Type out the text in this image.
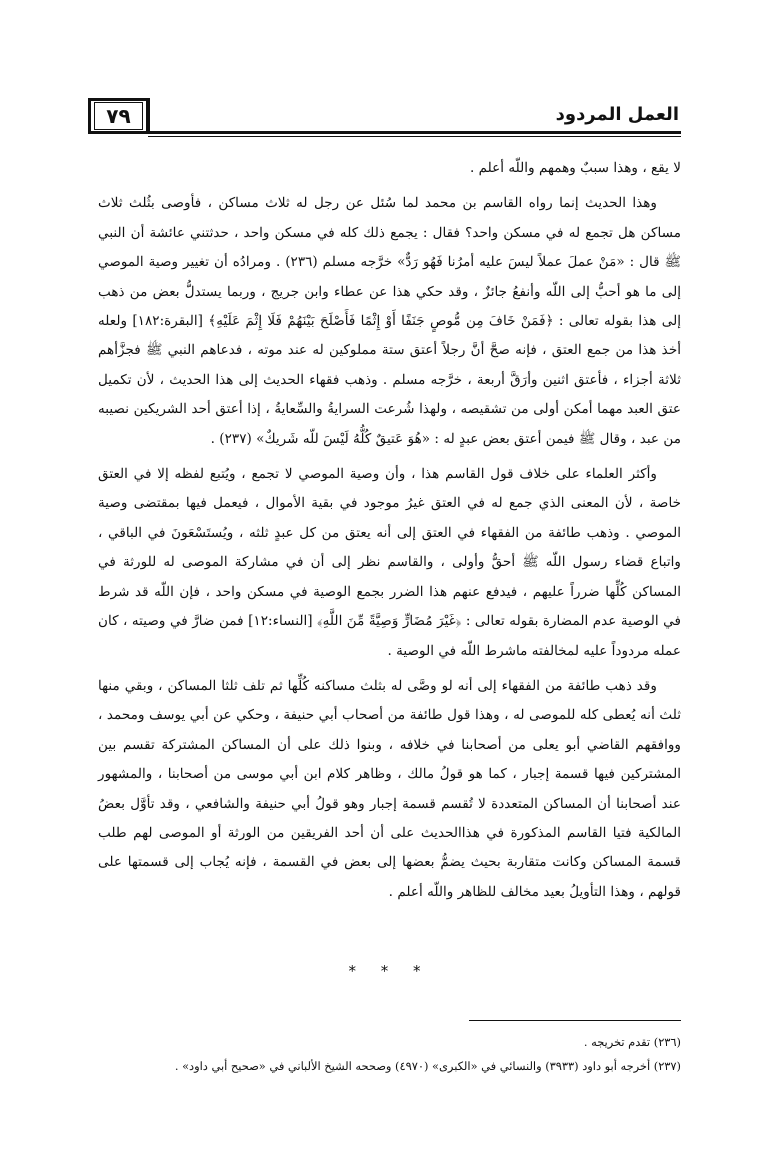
٧٩	العمل المردود

لا يقع ، وهذا سببٌ وهمهم واللّه أعلم .

وهذا الحديث إنما رواه القاسم بن محمد لما سُئل عن رجل له ثلاث مساكن ، فأوصى بثُلث ثلاث مساكن هل تجمع له في مسكن واحد؟ فقال : يجمع ذلك كله في مسكن واحد ، حدثتني عائشة أن النبي ﷺ قال : «مَنْ عملَ عملاً ليسَ عليه أمرُنا فَهُو رَدٌّ» خرَّجه مسلم (٢٣٦) . ومرادُه أن تغيير وصية الموصي إلى ما هو أحبُّ إلى اللّه وأنفعُ جائزٌ ، وقد حكي هذا عن عطاء وابن جريج ، وربما يستدلُّ بعض من ذهب إلى هذا بقوله تعالى : ﴿فَمَنْ خَافَ مِن مُّوصٍ جَنَفًا أَوْ إِثْمًا فَأَصْلَحَ بَيْنَهُمْ فَلَا إِثْمَ عَلَيْهِ﴾ [البقرة:١٨٢] ولعله أخذ هذا من جمع العتق ، فإنه صحَّ أنَّ رجلاً أعتق ستة مملوكين له عند موته ، فدعاهم النبي ﷺ فجزَّأهم ثلاثة أجزاء ، فأعتق اثنين وأرَقَّ أربعة ، خرَّجه مسلم . وذهب فقهاء الحديث إلى هذا الحديث ، لأن تكميل عتق العبد مهما أمكن أولى من تشقيصه ، ولهذا شُرعت السرايةُ والسِّعايةُ ، إذا أعتق أحد الشريكين نصيبه من عبد ، وقال ﷺ فيمن أعتق بعض عبدٍ له : «هُوَ عَتيقٌ كُلُّهُ لَيْسَ للّه شَريكٌ» (٢٣٧) .

وأكثر العلماء على خلاف قول القاسم هذا ، وأن وصية الموصي لا تجمع ، ويُتبع لفظه إلا في العتق خاصة ، لأن المعنى الذي جمع له في العتق غيرُ موجود في بقية الأموال ، فيعمل فيها بمقتضى وصية الموصي . وذهب طائفة من الفقهاء في العتق إلى أنه يعتق من كل عبدٍ ثلثه ، ويُستَسْعَونَ في الباقي ، واتباع قضاء رسول اللّه ﷺ أحقُّ وأولى ، والقاسم نظر إلى أن في مشاركة الموصى له للورثة في المساكن كُلِّها ضرراً عليهم ، فيدفع عنهم هذا الضرر بجمع الوصية في مسكن واحد ، فإن اللّه قد شرط في الوصية عدم المضارة بقوله تعالى : ﴿غَيْرَ مُضَارٍّ وَصِيَّةً مِّنَ اللَّهِ﴾ [النساء:١٢] فمن ضارَّ في وصيته ، كان عمله مردوداً عليه لمخالفته ماشرط اللّه في الوصية .

وقد ذهب طائفة من الفقهاء إلى أنه لو وصَّى له بثلث مساكنه كُلِّها ثم تلف ثلثا المساكن ، وبقي منها ثلث أنه يُعطى كله للموصى له ، وهذا قول طائفة من أصحاب أبي حنيفة ، وحكي عن أبي يوسف ومحمد ، ووافقهم القاضي أبو يعلى من أصحابنا في خلافه ، وبنوا ذلك على أن المساكن المشتركة تقسم بين المشتركين فيها قسمة إجبار ، كما هو قولُ مالك ، وظاهر كلام ابن أبي موسى من أصحابنا ، والمشهور عند أصحابنا أن المساكن المتعددة لا تُقسم قسمة إجبار وهو قولُ أبي حنيفة والشافعي ، وقد تأوَّل بعضُ المالكية فتيا القاسم المذكورة في هذاالحديث على أن أحد الفريقين من الورثة أو الموصى لهم طلب قسمة المساكن وكانت متقاربة بحيث يضمُّ بعضها إلى بعض في القسمة ، فإنه يُجاب إلى قسمتها على قولهم ، وهذا التأويلُ بعيد مخالف للظاهر واللّه أعلم .

* * *

(٢٣٦) تقدم تخريجه .

(٢٣٧) أخرجه أبو داود (٣٩٣٣) والنسائي في «الكبرى» (٤٩٧٠) وصححه الشيخ الألباني في «صحيح أبي داود» .
